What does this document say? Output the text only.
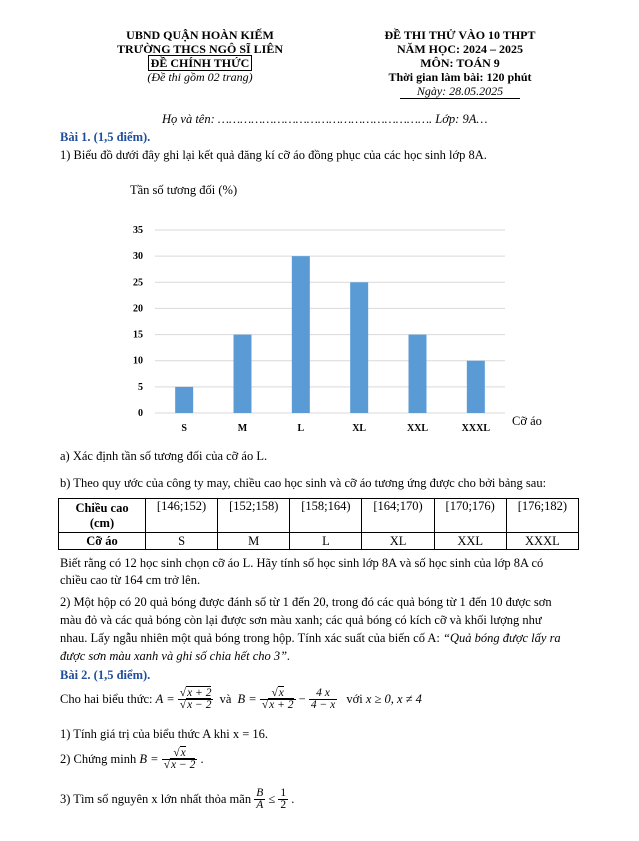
UBND QUẬN HOÀN KIẾM
TRƯỜNG THCS NGÔ SĨ LIÊN
ĐỀ CHÍNH THỨC
(Đề thi gồm 02 trang)
ĐỀ THI THỬ VÀO 10 THPT
NĂM HỌC: 2024 – 2025
MÔN: TOÁN 9
Thời gian làm bài: 120 phút
Ngày: 28.05.2025
Họ và tên: …………………………………………………. Lớp: 9A…
Bài 1. (1,5 điểm).
1) Biểu đồ dưới đây ghi lại kết quả đăng kí cỡ áo đồng phục của các học sinh lớp 8A.
Tần số tương đối (%)
0
5
10
15
20
25
30
35
S	M	L	XL	XXL	XXXL
Cỡ áo
a) Xác định tần số tương đối của cỡ áo L.
b) Theo quy ước của công ty may, chiều cao học sinh và cỡ áo tương ứng được cho bởi bảng sau:
Chiều cao
(cm)	[146;152)	[152;158)	[158;164)	[164;170)	[170;176)	[176;182)
Cỡ áo	S	M	L	XL	XXL	XXXL
Biết rằng có 12 học sinh chọn cỡ áo L. Hãy tính số học sinh lớp 8A và số học sinh của lớp 8A có
chiều cao từ 164 cm trở lên.
2) Một hộp có 20 quả bóng được đánh số từ 1 đến 20, trong đó các quả bóng từ 1 đến 10 được sơn
màu đỏ và các quả bóng còn lại được sơn màu xanh; các quả bóng có kích cỡ và khối lượng như
nhau. Lấy ngẫu nhiên một quả bóng trong hộp. Tính xác suất của biến cố A: “Quả bóng được lấy ra
được sơn màu xanh và ghi số chia hết cho 3”.
Bài 2. (1,5 điểm).
Cho hai biểu thức: $A = \frac{√x + 2}{√x - 2}$ và $B = \frac{√x}{√x + 2} - \frac{4 x}{4 - x}$ với x ≥ 0, x ≠ 4
1) Tính giá trị của biểu thức A khi x = 16.
2) Chứng minh $B = \frac{√x}{√x - 2}$ .
3) Tìm số nguyên x lớn nhất thỏa mãn $\frac{B}{A} \le \frac{1}{2}$ .
